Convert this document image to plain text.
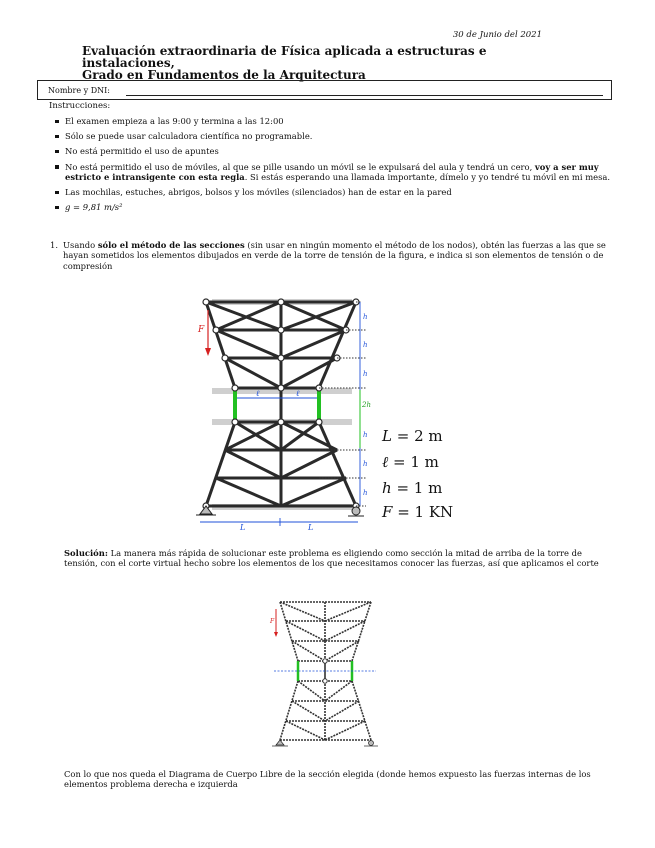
30 de Junio del 2021
Evaluación extraordinaria de Física aplicada a estructuras e instalaciones,
Grado en Fundamentos de la Arquitectura
Nombre y DNI:
Instrucciones:
El examen empieza a las 9:00 y termina a las 12:00
Sólo se puede usar calculadora científica no programable.
No está permitido el uso de apuntes
No está permitido el uso de móviles, al que se pille usando un móvil se le expulsará del aula y tendrá un cero, voy a ser muy estricto e intransigente con esta regla. Si estás esperando una llamada importante, dímelo y yo tendré tu móvil en mi mesa.
Las mochilas, estuches, abrigos, bolsos y los móviles (silenciados) han de estar en la pared
g = 9,81 m/s²
1. Usando sólo el método de las secciones (sin usar en ningún momento el método de los nodos), obtén las fuerzas a las que se hayan sometidos los elementos dibujados en verde de la torre de tensión de la figura, e indica si son elementos de tensión o de compresión
F
h
h
h
2h
h
h
h
ℓ	ℓ
L	L
L = 2 m
ℓ = 1 m
h = 1 m
F = 1 KN
Solución: La manera más rápida de solucionar este problema es eligiendo como sección la mitad de arriba de la torre de tensión, con el corte virtual hecho sobre los elementos de los que necesitamos conocer las fuerzas, así que aplicamos el corte
F
Con lo que nos queda el Diagrama de Cuerpo Libre de la sección elegida (donde hemos expuesto las fuerzas internas de los elementos problema derecha e izquierda
